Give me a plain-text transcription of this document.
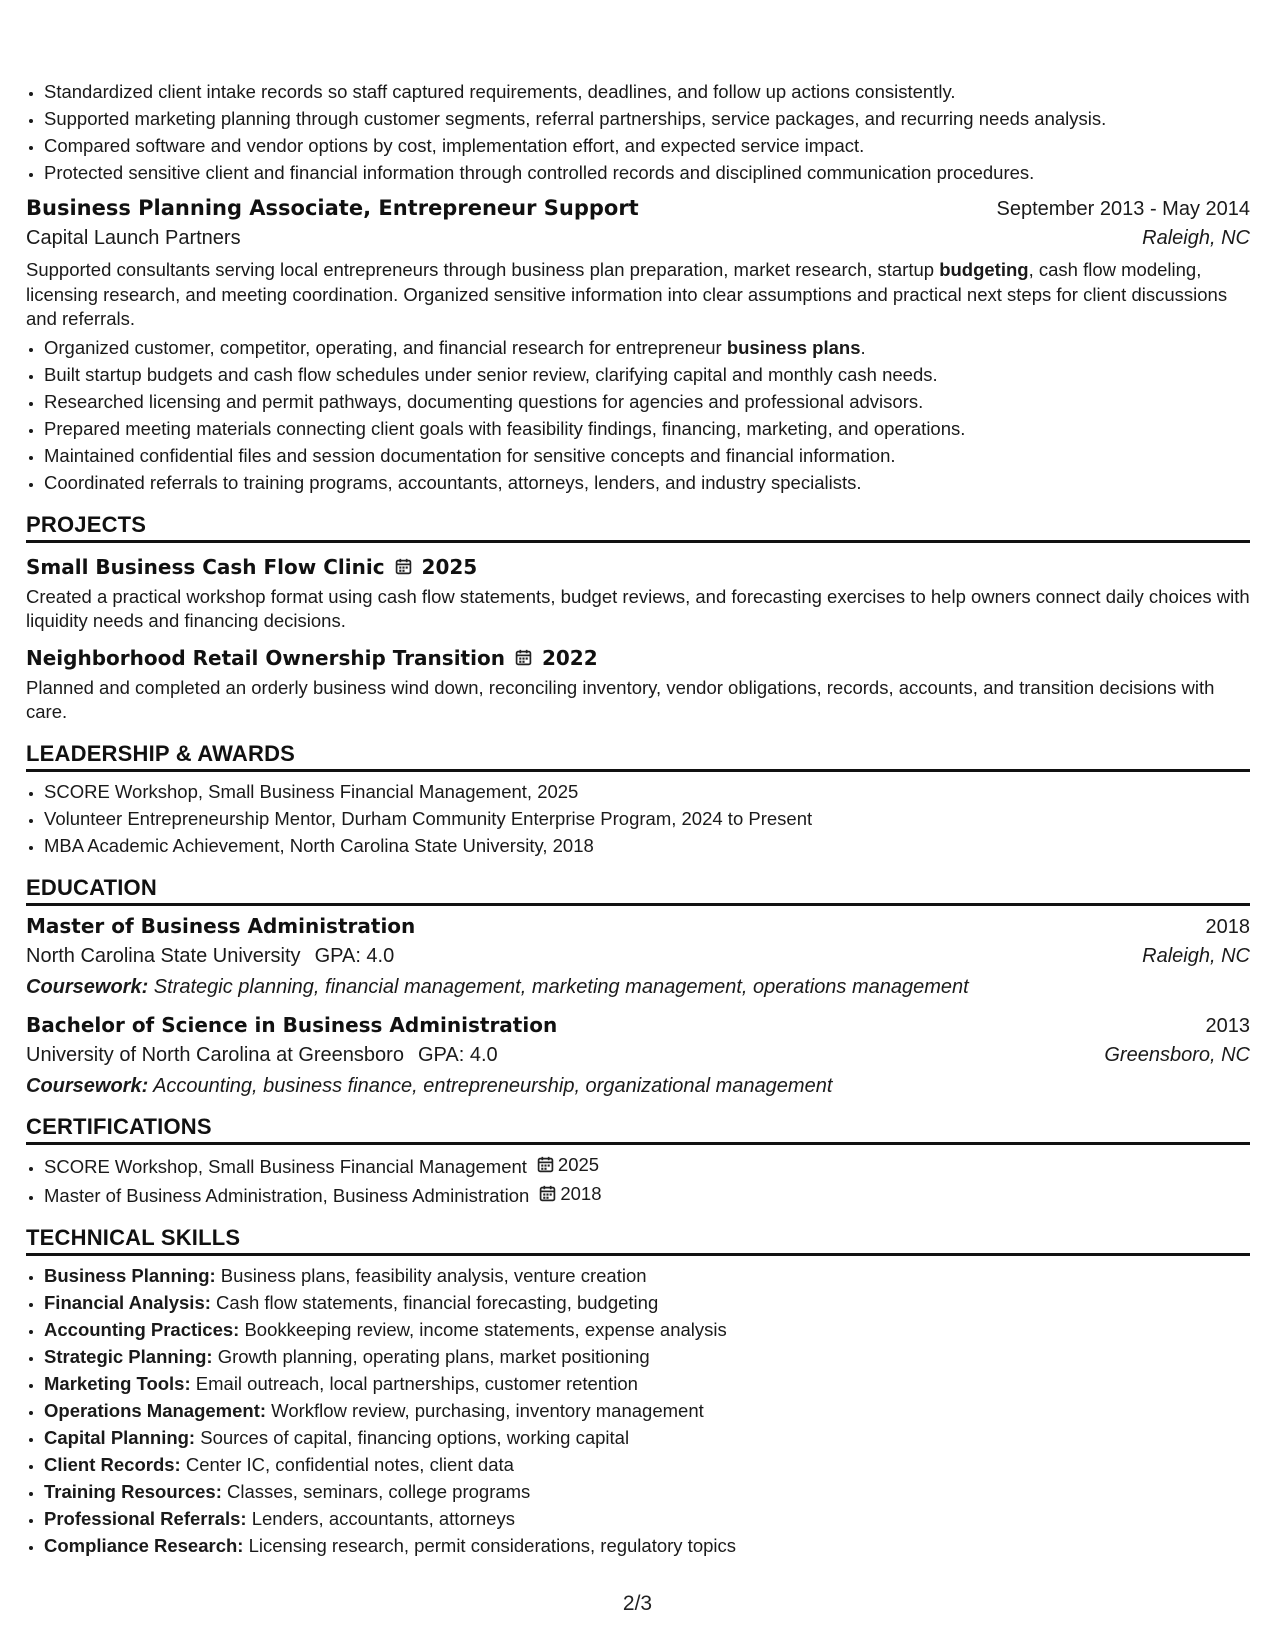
• Standardized client intake records so staff captured requirements, deadlines, and follow up actions consistently.
• Supported marketing planning through customer segments, referral partnerships, service packages, and recurring needs analysis.
• Compared software and vendor options by cost, implementation effort, and expected service impact.
• Protected sensitive client and financial information through controlled records and disciplined communication procedures.
Business Planning Associate, Entrepreneur Support	September 2013 - May 2014
Capital Launch Partners	Raleigh, NC
Supported consultants serving local entrepreneurs through business plan preparation, market research, startup budgeting, cash flow modeling, licensing research, and meeting coordination. Organized sensitive information into clear assumptions and practical next steps for client discussions and referrals.
• Organized customer, competitor, operating, and financial research for entrepreneur business plans.
• Built startup budgets and cash flow schedules under senior review, clarifying capital and monthly cash needs.
• Researched licensing and permit pathways, documenting questions for agencies and professional advisors.
• Prepared meeting materials connecting client goals with feasibility findings, financing, marketing, and operations.
• Maintained confidential files and session documentation for sensitive concepts and financial information.
• Coordinated referrals to training programs, accountants, attorneys, lenders, and industry specialists.
PROJECTS
Small Business Cash Flow Clinic 2025
Created a practical workshop format using cash flow statements, budget reviews, and forecasting exercises to help owners connect daily choices with liquidity needs and financing decisions.
Neighborhood Retail Ownership Transition 2022
Planned and completed an orderly business wind down, reconciling inventory, vendor obligations, records, accounts, and transition decisions with care.
LEADERSHIP & AWARDS
• SCORE Workshop, Small Business Financial Management, 2025
• Volunteer Entrepreneurship Mentor, Durham Community Enterprise Program, 2024 to Present
• MBA Academic Achievement, North Carolina State University, 2018
EDUCATION
Master of Business Administration	2018
North Carolina State University GPA: 4.0	Raleigh, NC
Coursework: Strategic planning, financial management, marketing management, operations management
Bachelor of Science in Business Administration	2013
University of North Carolina at Greensboro GPA: 4.0	Greensboro, NC
Coursework: Accounting, business finance, entrepreneurship, organizational management
CERTIFICATIONS
• SCORE Workshop, Small Business Financial Management 2025
• Master of Business Administration, Business Administration 2018
TECHNICAL SKILLS
• Business Planning: Business plans, feasibility analysis, venture creation
• Financial Analysis: Cash flow statements, financial forecasting, budgeting
• Accounting Practices: Bookkeeping review, income statements, expense analysis
• Strategic Planning: Growth planning, operating plans, market positioning
• Marketing Tools: Email outreach, local partnerships, customer retention
• Operations Management: Workflow review, purchasing, inventory management
• Capital Planning: Sources of capital, financing options, working capital
• Client Records: Center IC, confidential notes, client data
• Training Resources: Classes, seminars, college programs
• Professional Referrals: Lenders, accountants, attorneys
• Compliance Research: Licensing research, permit considerations, regulatory topics
2/3
